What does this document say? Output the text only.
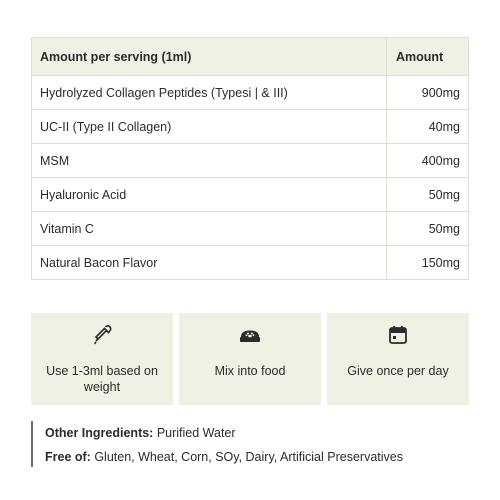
Amount per serving (1ml)	Amount
Hydrolyzed Collagen Peptides (Typesi | & III)	900mg
UC-II (Type II Collagen)	40mg
MSM	400mg
Hyaluronic Acid	50mg
Vitamin C	50mg
Natural Bacon Flavor	150mg
Use 1-3ml based on weight
Mix into food	Give once per day
Other Ingredients: Purified Water
Free of: Gluten, Wheat, Corn, SOy, Dairy, Artificial Preservatives
